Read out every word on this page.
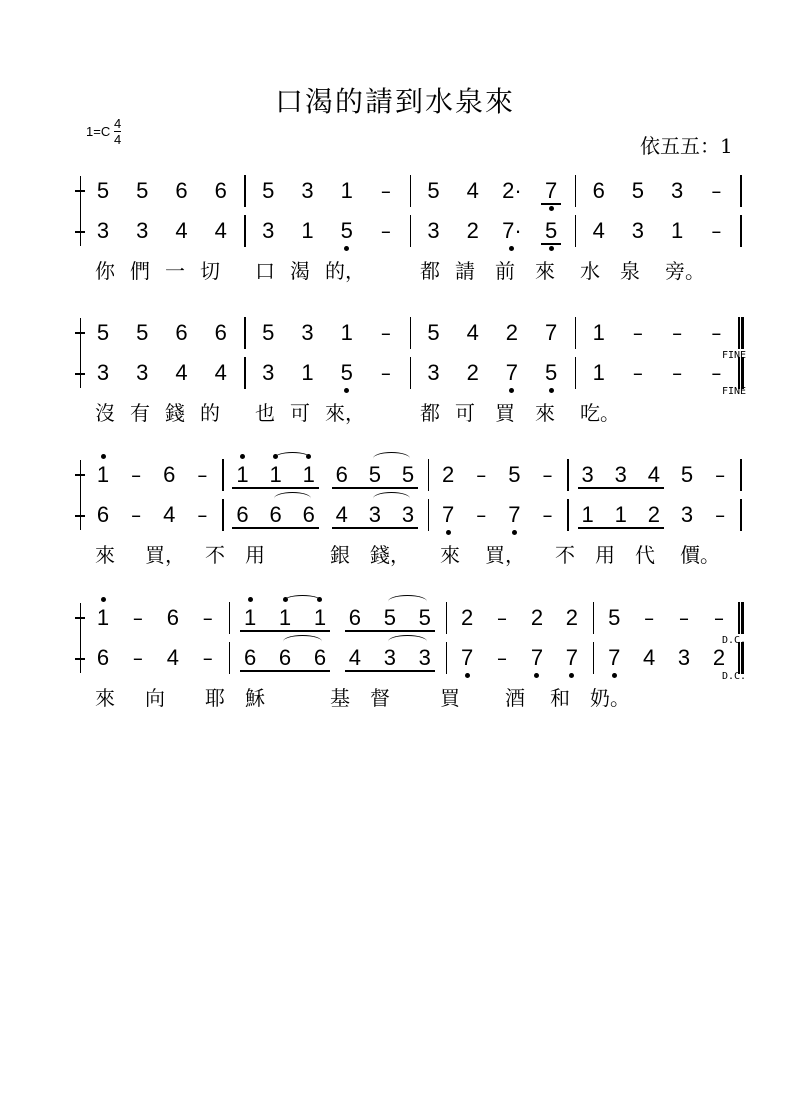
口渴的請到水泉來
$1=C \frac{4}{4}$	依五五：1
5 5 6 6 5 3 1 – 5 4 2· 7 6 5 3 –
3 3 4 4 3 1 5 – 3 2 7· 5 4 3 1 –
你 們 一 切 口 渴 的，	都 請 前 來 水 泉 旁。
5 5 6 6 5 3 1 – 5 4 2 7 1 – – –
3 3 4 4 3 1 5 – 3 2 7 5 1 – – –
沒 有 錢 的 也 可 來，	都 可 買 來 吃。
FINE
FINE
1 – 6 – 1 1 1 6 5 5 2 – 5 – 3 3 4 5 –
6 – 4 – 6 6 6 4 3 3 7 – 7 – 1 1 2 3 –
來 買， 不 用	銀 錢， 來 買， 不 用 代 價。
1 – 6 – 1 1 1 6 5 5 2 – 2 2 5 – – –
6 – 4 – 6 6 6 4 3 3 7 – 7 7 7 4 3 2
來 向 耶 穌	基 督	買 酒 和 奶。
D.C.
D.C.
